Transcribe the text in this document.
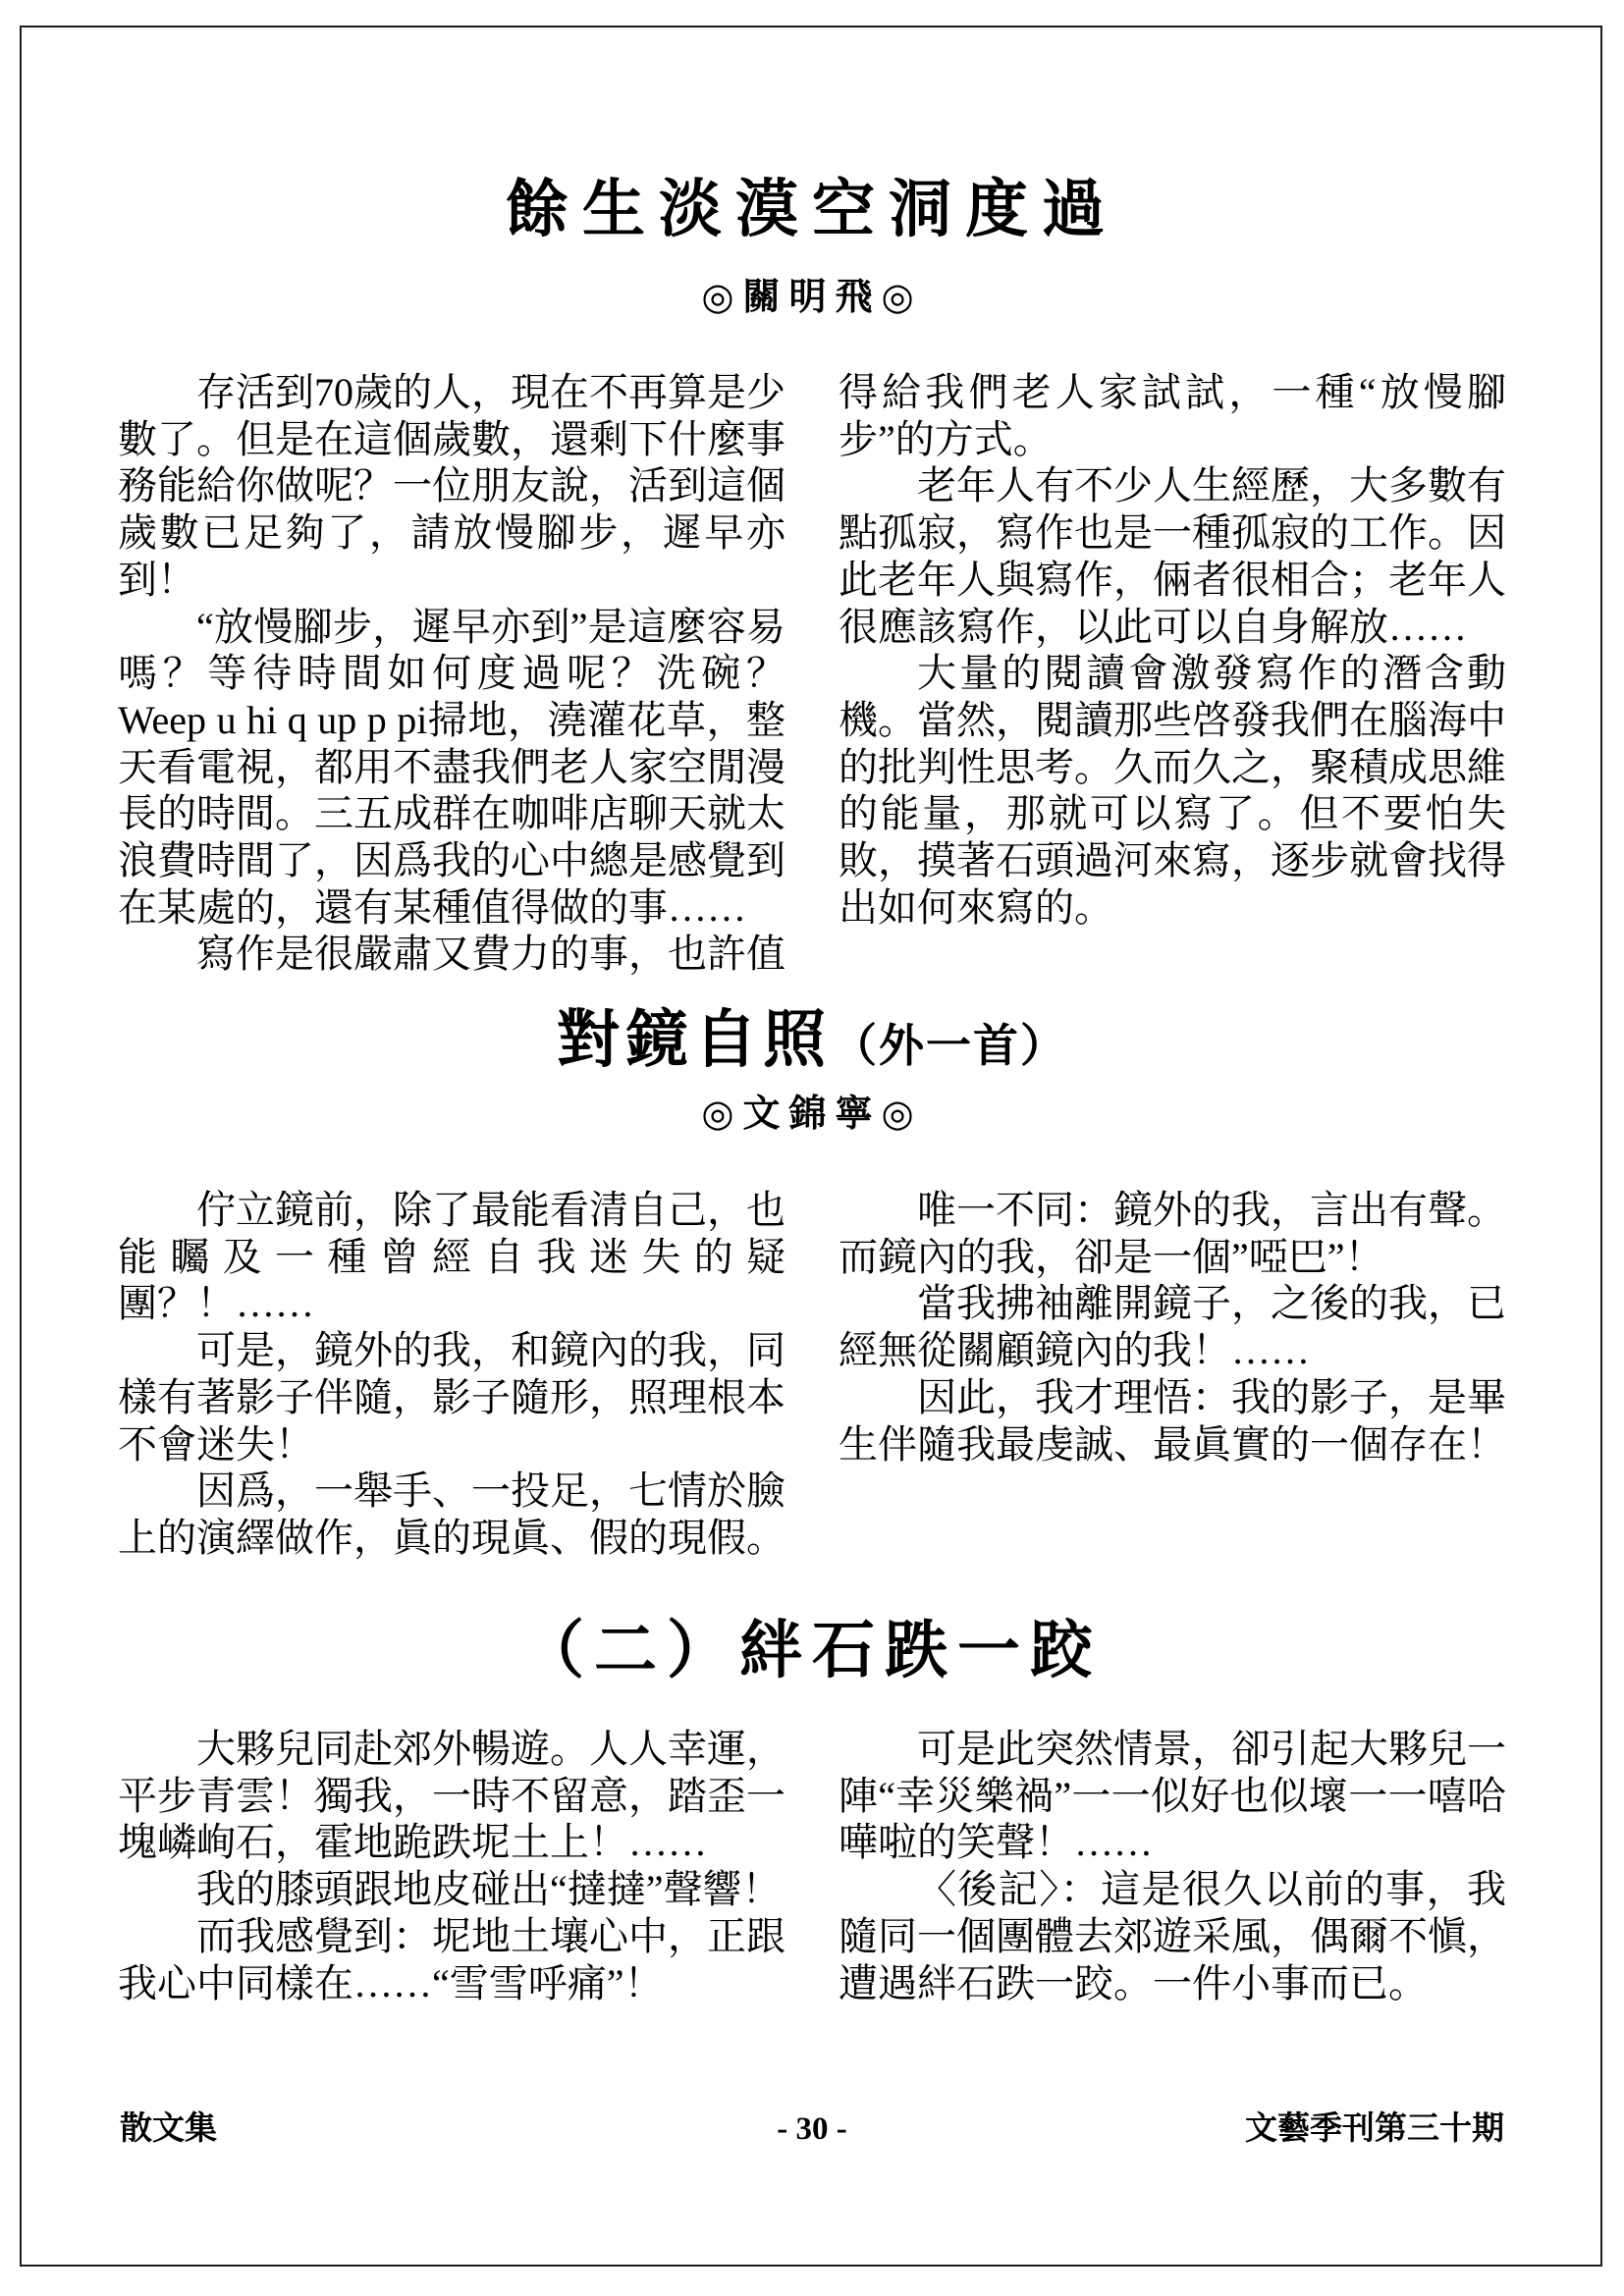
餘生淡漠空洞度過
◎關明飛◎

存活到70歲的人，現在不再算是少數了。但是在這個歲數，還剩下什麼事務能給你做呢？一位朋友說，活到這個歲數已足夠了，請放慢腳步，遲早亦到！

“放慢腳步，遲早亦到”是這麼容易嗎？等待時間如何度過呢？洗碗？Weep u hi q up p pi掃地，澆灌花草，整天看電視，都用不盡我們老人家空閒漫長的時間。三五成群在咖啡店聊天就太浪費時間了，因爲我的心中總是感覺到在某處的，還有某種值得做的事……

寫作是很嚴肅又費力的事，也許值

得給我們老人家試試，一種“放慢腳步”的方式。

老年人有不少人生經歷，大多數有點孤寂，寫作也是一種孤寂的工作。因此老年人與寫作，倆者很相合；老年人很應該寫作，以此可以自身解放……

大量的閱讀會激發寫作的潛含動機。當然，閱讀那些啓發我們在腦海中的批判性思考。久而久之，聚積成思維的能量，那就可以寫了。但不要怕失敗，摸著石頭過河來寫，逐步就會找得出如何來寫的。

對鏡自照（外一首）
◎文錦寧◎

佇立鏡前，除了最能看清自己，也能矚及一種曾經自我迷失的疑團？！……

可是，鏡外的我，和鏡內的我，同樣有著影子伴隨，影子隨形，照理根本不會迷失！

因爲，一舉手、一投足，七情於臉上的演繹做作，眞的現眞、假的現假。

唯一不同：鏡外的我，言出有聲。而鏡內的我，卻是一個”啞巴”！

當我拂袖離開鏡子，之後的我，已經無從關顧鏡內的我！……

因此，我才理悟：我的影子，是畢生伴隨我最虔誠、最眞實的一個存在！

（二）絆石跌一跤

大夥兒同赴郊外暢遊。人人幸運，平步青雲！獨我，一時不留意，踏歪一塊嶙峋石，霍地跪跌坭土上！……

我的膝頭跟地皮碰出“撻撻”聲響！

而我感覺到：坭地土壤心中，正跟我心中同樣在……“雪雪呼痛”！

可是此突然情景，卻引起大夥兒一陣“幸災樂禍”一一似好也似壞一一嘻哈嘩啦的笑聲！……

〈後記〉：這是很久以前的事，我隨同一個團體去郊遊采風，偶爾不愼，遭遇絆石跌一跤。一件小事而已。

散文集	- 30 -	文藝季刊第三十期
